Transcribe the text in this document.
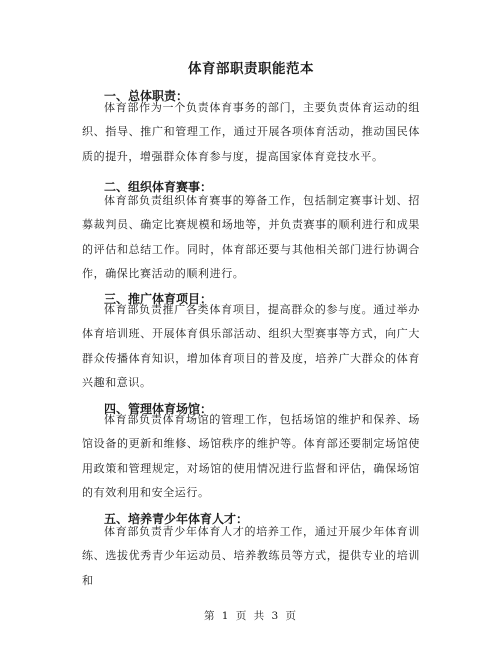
体育部职责职能范本
一、总体职责：

体育部作为一个负责体育事务的部门，主要负责体育运动的组织、指导、推广和管理工作，通过开展各项体育活动，推动国民体质的提升，增强群众体育参与度，提高国家体育竞技水平。

二、组织体育赛事：

体育部负责组织体育赛事的筹备工作，包括制定赛事计划、招募裁判员、确定比赛规模和场地等，并负责赛事的顺利进行和成果的评估和总结工作。同时，体育部还要与其他相关部门进行协调合作，确保比赛活动的顺利进行。

三、推广体育项目：

体育部负责推广各类体育项目，提高群众的参与度。通过举办体育培训班、开展体育俱乐部活动、组织大型赛事等方式，向广大群众传播体育知识，增加体育项目的普及度，培养广大群众的体育兴趣和意识。

四、管理体育场馆：

体育部负责体育场馆的管理工作，包括场馆的维护和保养、场馆设备的更新和维修、场馆秩序的维护等。体育部还要制定场馆使用政策和管理规定，对场馆的使用情况进行监督和评估，确保场馆的有效利用和安全运行。

五、培养青少年体育人才：

体育部负责青少年体育人才的培养工作，通过开展少年体育训练、选拔优秀青少年运动员、培养教练员等方式，提供专业的培训和

第 1 页 共 3 页
